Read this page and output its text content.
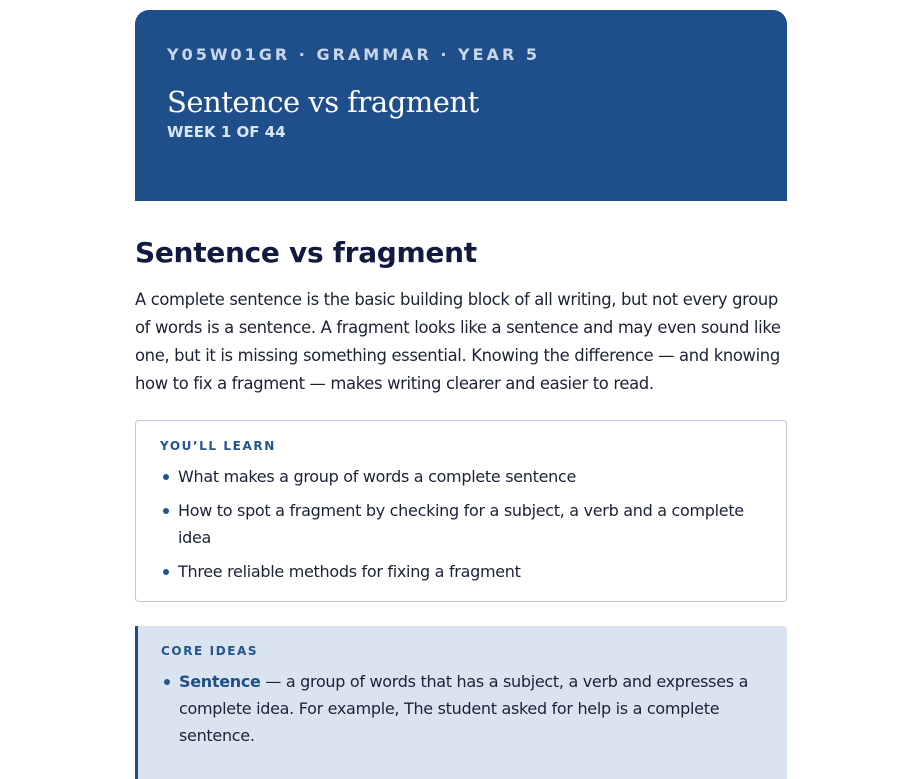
Y05W01GR · GRAMMAR · YEAR 5
Sentence vs fragment
WEEK 1 OF 44
Sentence vs fragment

A complete sentence is the basic building block of all writing, but not every group of words is a sentence. A fragment looks like a sentence and may even sound like one, but it is missing something essential. Knowing the difference — and knowing how to fix a fragment — makes writing clearer and easier to read.

YOU’LL LEARN
What makes a group of words a complete sentence
How to spot a fragment by checking for a subject, a verb and a complete idea
Three reliable methods for fixing a fragment
CORE IDEAS
Sentence — a group of words that has a subject, a verb and expresses a complete idea. For example, The student asked for help is a complete sentence.
